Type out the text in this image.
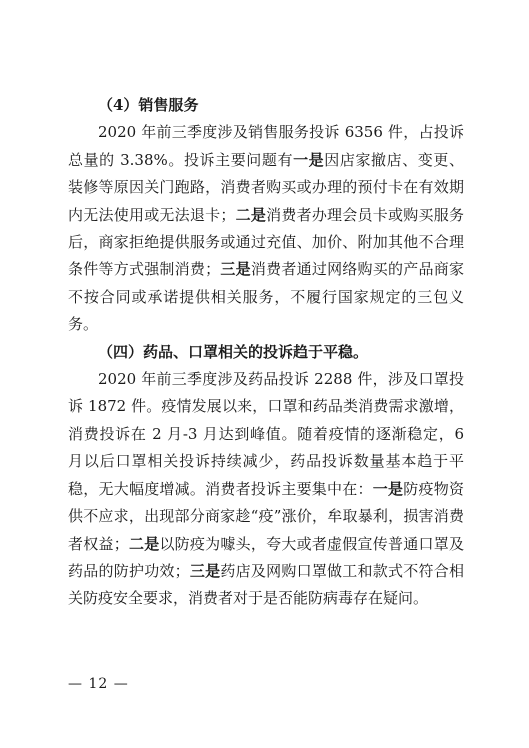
（4）销售服务

2020 年前三季度涉及销售服务投诉 6356 件，占投诉总量的 3.38%。投诉主要问题有一是因店家撤店、变更、装修等原因关门跑路，消费者购买或办理的预付卡在有效期内无法使用或无法退卡；二是消费者办理会员卡或购买服务后，商家拒绝提供服务或通过充值、加价、附加其他不合理条件等方式强制消费；三是消费者通过网络购买的产品商家不按合同或承诺提供相关服务，不履行国家规定的三包义务。

（四）药品、口罩相关的投诉趋于平稳。

2020 年前三季度涉及药品投诉 2288 件，涉及口罩投诉 1872 件。疫情发展以来，口罩和药品类消费需求激增，消费投诉在 2 月-3 月达到峰值。随着疫情的逐渐稳定，6 月以后口罩相关投诉持续减少，药品投诉数量基本趋于平稳，无大幅度增减。消费者投诉主要集中在：一是防疫物资供不应求，出现部分商家趁“疫”涨价，牟取暴利，损害消费者权益；二是以防疫为噱头，夸大或者虚假宣传普通口罩及药品的防护功效；三是药店及网购口罩做工和款式不符合相关防疫安全要求，消费者对于是否能防病毒存在疑问。

— 12 —
